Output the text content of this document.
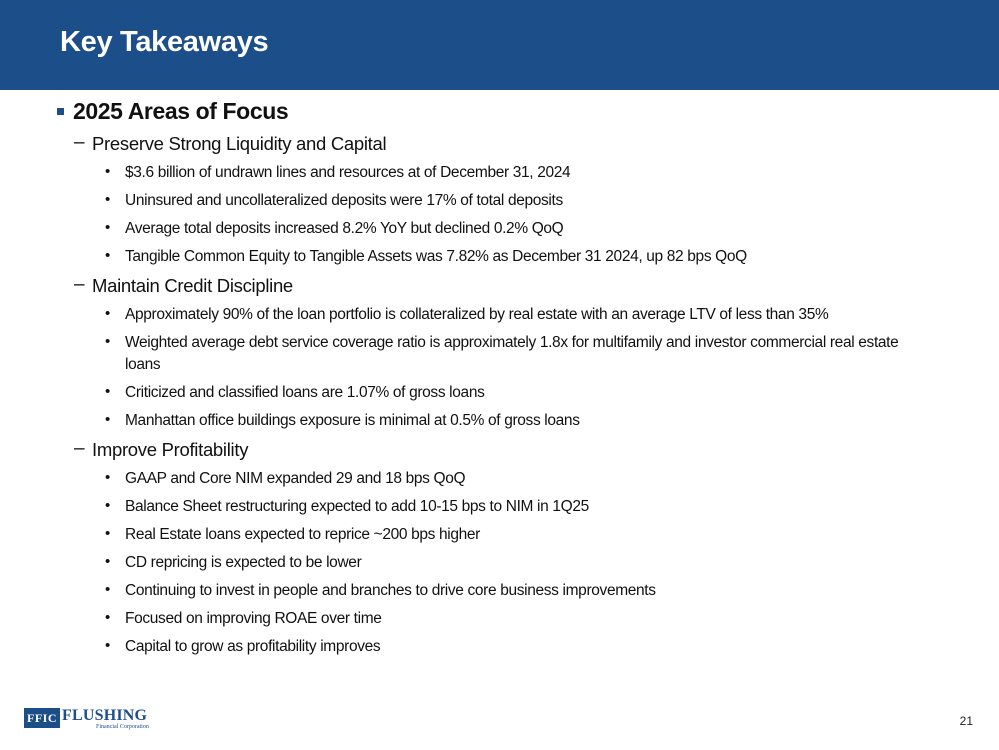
Key Takeaways
2025 Areas of Focus
– Preserve Strong Liquidity and Capital
• $3.6 billion of undrawn lines and resources at of December 31, 2024
• Uninsured and uncollateralized deposits were 17% of total deposits
• Average total deposits increased 8.2% YoY but declined 0.2% QoQ
• Tangible Common Equity to Tangible Assets was 7.82% as December 31 2024, up 82 bps QoQ
– Maintain Credit Discipline
• Approximately 90% of the loan portfolio is collateralized by real estate with an average LTV of less than 35%
• Weighted average debt service coverage ratio is approximately 1.8x for multifamily and investor commercial real estate loans
• Criticized and classified loans are 1.07% of gross loans
• Manhattan office buildings exposure is minimal at 0.5% of gross loans
– Improve Profitability
• GAAP and Core NIM expanded 29 and 18 bps QoQ
• Balance Sheet restructuring expected to add 10-15 bps to NIM in 1Q25
• Real Estate loans expected to reprice ~200 bps higher
• CD repricing is expected to be lower
• Continuing to invest in people and branches to drive core business improvements
• Focused on improving ROAE over time
• Capital to grow as profitability improves
FFIC FLUSHING
Financial Corporation	21
